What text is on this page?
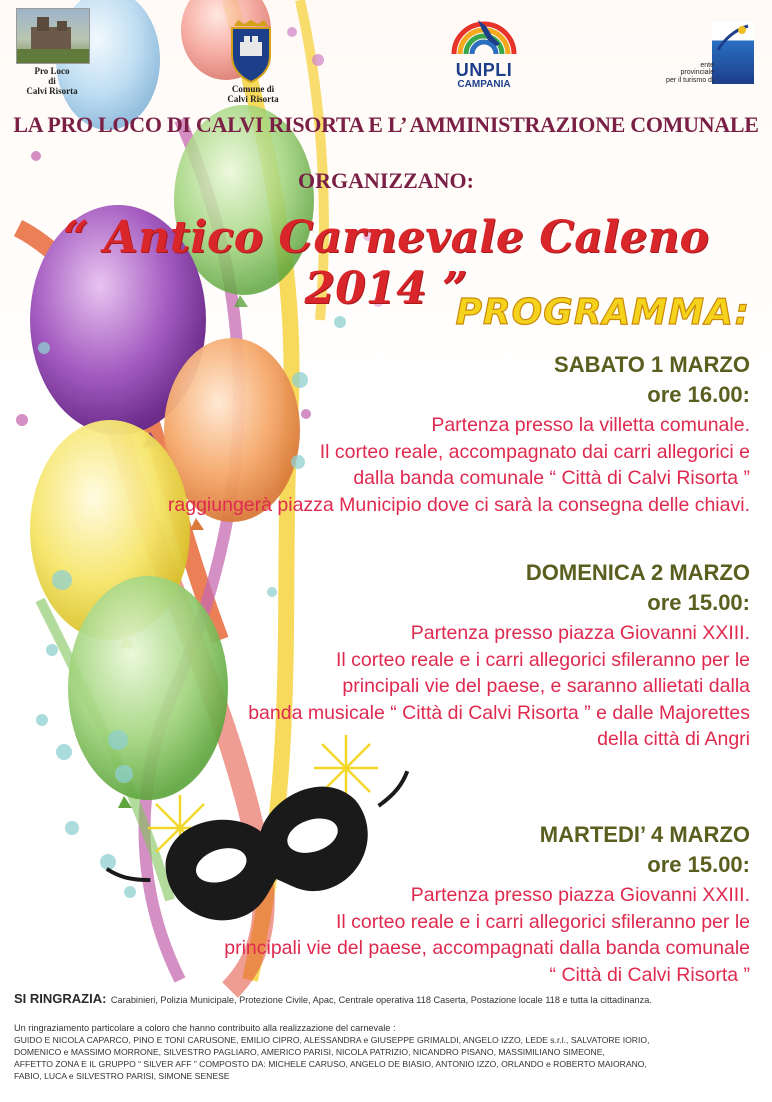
Pro Loco
di
Calvi Risorta	Comune di
Calvi Risorta
UNPLI
CAMPANIA
ente
provinciale
per il turismo di Caserta
LA PRO LOCO DI CALVI RISORTA E L’ AMMINISTRAZIONE COMUNALE
ORGANIZZANO:
“ Antico Carnevale Caleno 2014 ”
PROGRAMMA:
SABATO 1 MARZO
ore 16.00:
Partenza presso la villetta comunale.
Il corteo reale, accompagnato dai carri allegorici e
dalla banda comunale “ Città di Calvi Risorta ”
raggiungerà piazza Municipio dove ci sarà la consegna delle chiavi.
DOMENICA 2 MARZO
ore 15.00:
Partenza presso piazza Giovanni XXIII.
Il corteo reale e i carri allegorici sfileranno per le
principali vie del paese, e saranno allietati dalla
banda musicale “ Città di Calvi Risorta ” e dalle Majorettes
della città di Angri
MARTEDI’ 4 MARZO
ore 15.00:
Partenza presso piazza Giovanni XXIII.
Il corteo reale e i carri allegorici sfileranno per le
principali vie del paese, accompagnati dalla banda comunale
“ Città di Calvi Risorta ”
SI RINGRAZIA: Carabinieri, Polizia Municipale, Protezione Civile, Apac, Centrale operativa 118 Caserta, Postazione locale 118 e tutta la cittadinanza.
Un ringraziamento particolare a coloro che hanno contribuito alla realizzazione del carnevale :
GUIDO E NICOLA CAPARCO, PINO E TONI CARUSONE, EMILIO CIPRO, ALESSANDRA e GIUSEPPE GRIMALDI, ANGELO IZZO, LEDE s.r.l., SALVATORE IORIO,
DOMENICO e MASSIMO MORRONE, SILVESTRO PAGLIARO, AMERICO PARISI, NICOLA PATRIZIO, NICANDRO PISANO, MASSIMILIANO SIMEONE,
AFFETTO ZONA E IL GRUPPO “ SILVER AFF ” COMPOSTO DA: MICHELE CARUSO, ANGELO DE BIASIO, ANTONIO IZZO, ORLANDO e ROBERTO MAIORANO,
FABIO, LUCA e SILVESTRO PARISI, SIMONE SENESE
